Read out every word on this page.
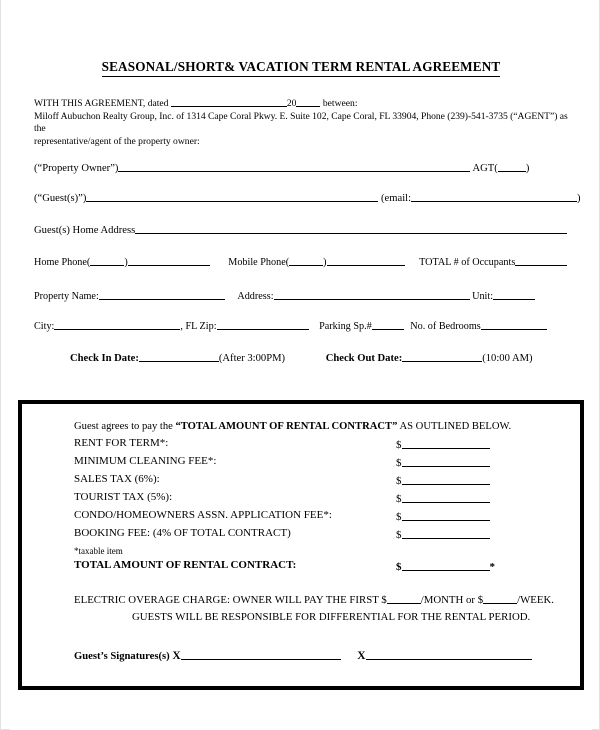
SEASONAL/SHORT& VACATION TERM RENTAL AGREEMENT
WITH THIS AGREEMENT, dated	20	between:
Miloff Aubuchon Realty Group, Inc. of 1314 Cape Coral Pkwy. E. Suite 102, Cape Coral, FL 33904, Phone (239)-541-3735 (“AGENT”) as the
representative/agent of the property owner:
(“Property Owner”)	AGT(	)
(“Guest(s)”)	(email:	)
Guest(s) Home Address
Home Phone(	)	Mobile Phone(	)	TOTAL # of Occupants
Property Name:	Address:	Unit:
City:	, FL Zip:	Parking Sp.#	No. of Bedrooms
Check In Date:	(After 3:00PM)	Check Out Date:	(10:00 AM)
Guest agrees to pay the “TOTAL AMOUNT OF RENTAL CONTRACT” AS OUTLINED BELOW.
RENT FOR TERM*:	$
MINIMUM CLEANING FEE*:	$
SALES TAX (6%):	$
TOURIST TAX (5%):	$
CONDO/HOMEOWNERS ASSN. APPLICATION FEE*:	$
BOOKING FEE: (4% OF TOTAL CONTRACT)	$
*taxable item
TOTAL AMOUNT OF RENTAL CONTRACT:	$	*
ELECTRIC OVERAGE CHARGE: OWNER WILL PAY THE FIRST $	/MONTH or $	/WEEK.
GUESTS WILL BE RESPONSIBLE FOR DIFFERENTIAL FOR THE RENTAL PERIOD.
Guest’s Signatures(s) X	X
